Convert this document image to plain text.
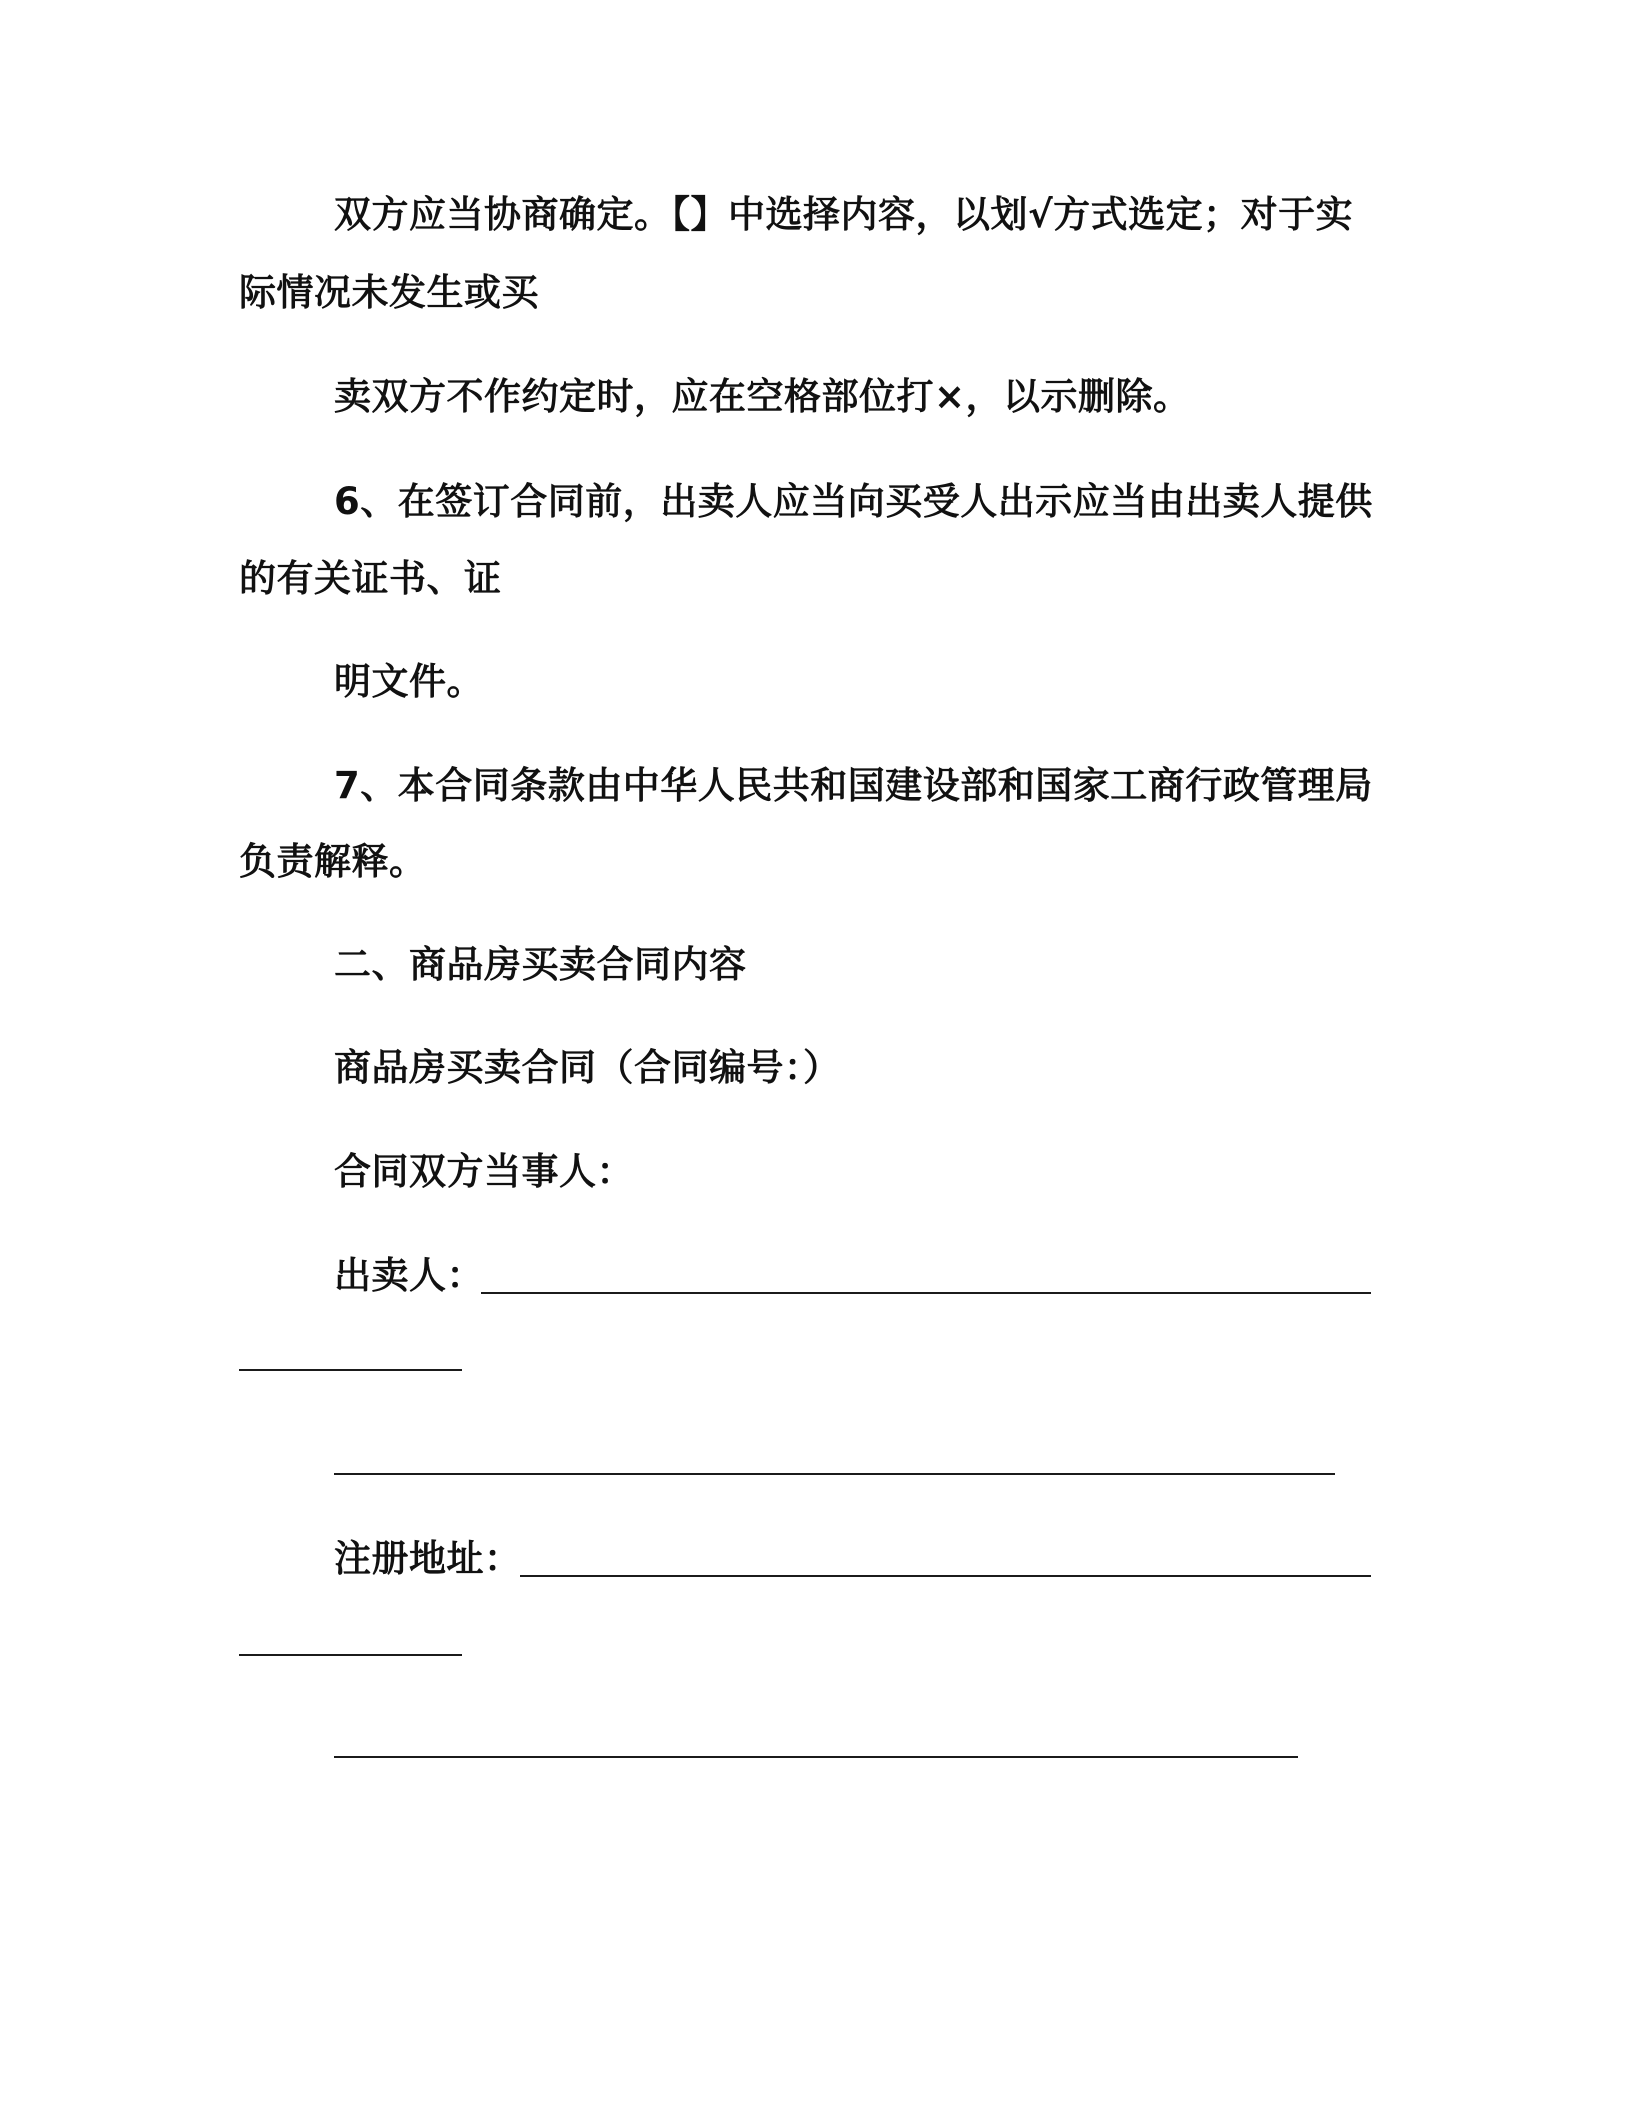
双方应当协商确定。【】中选择内容，以划√方式选定；对于实
际情况未发生或买
卖双方不作约定时，应在空格部位打×，以示删除。
6、在签订合同前，出卖人应当向买受人出示应当由出卖人提供
的有关证书、证
明文件。
7、本合同条款由中华人民共和国建设部和国家工商行政管理局
负责解释。
二、商品房买卖合同内容
商品房买卖合同（合同编号：）
合同双方当事人：
出卖人：
注册地址：
